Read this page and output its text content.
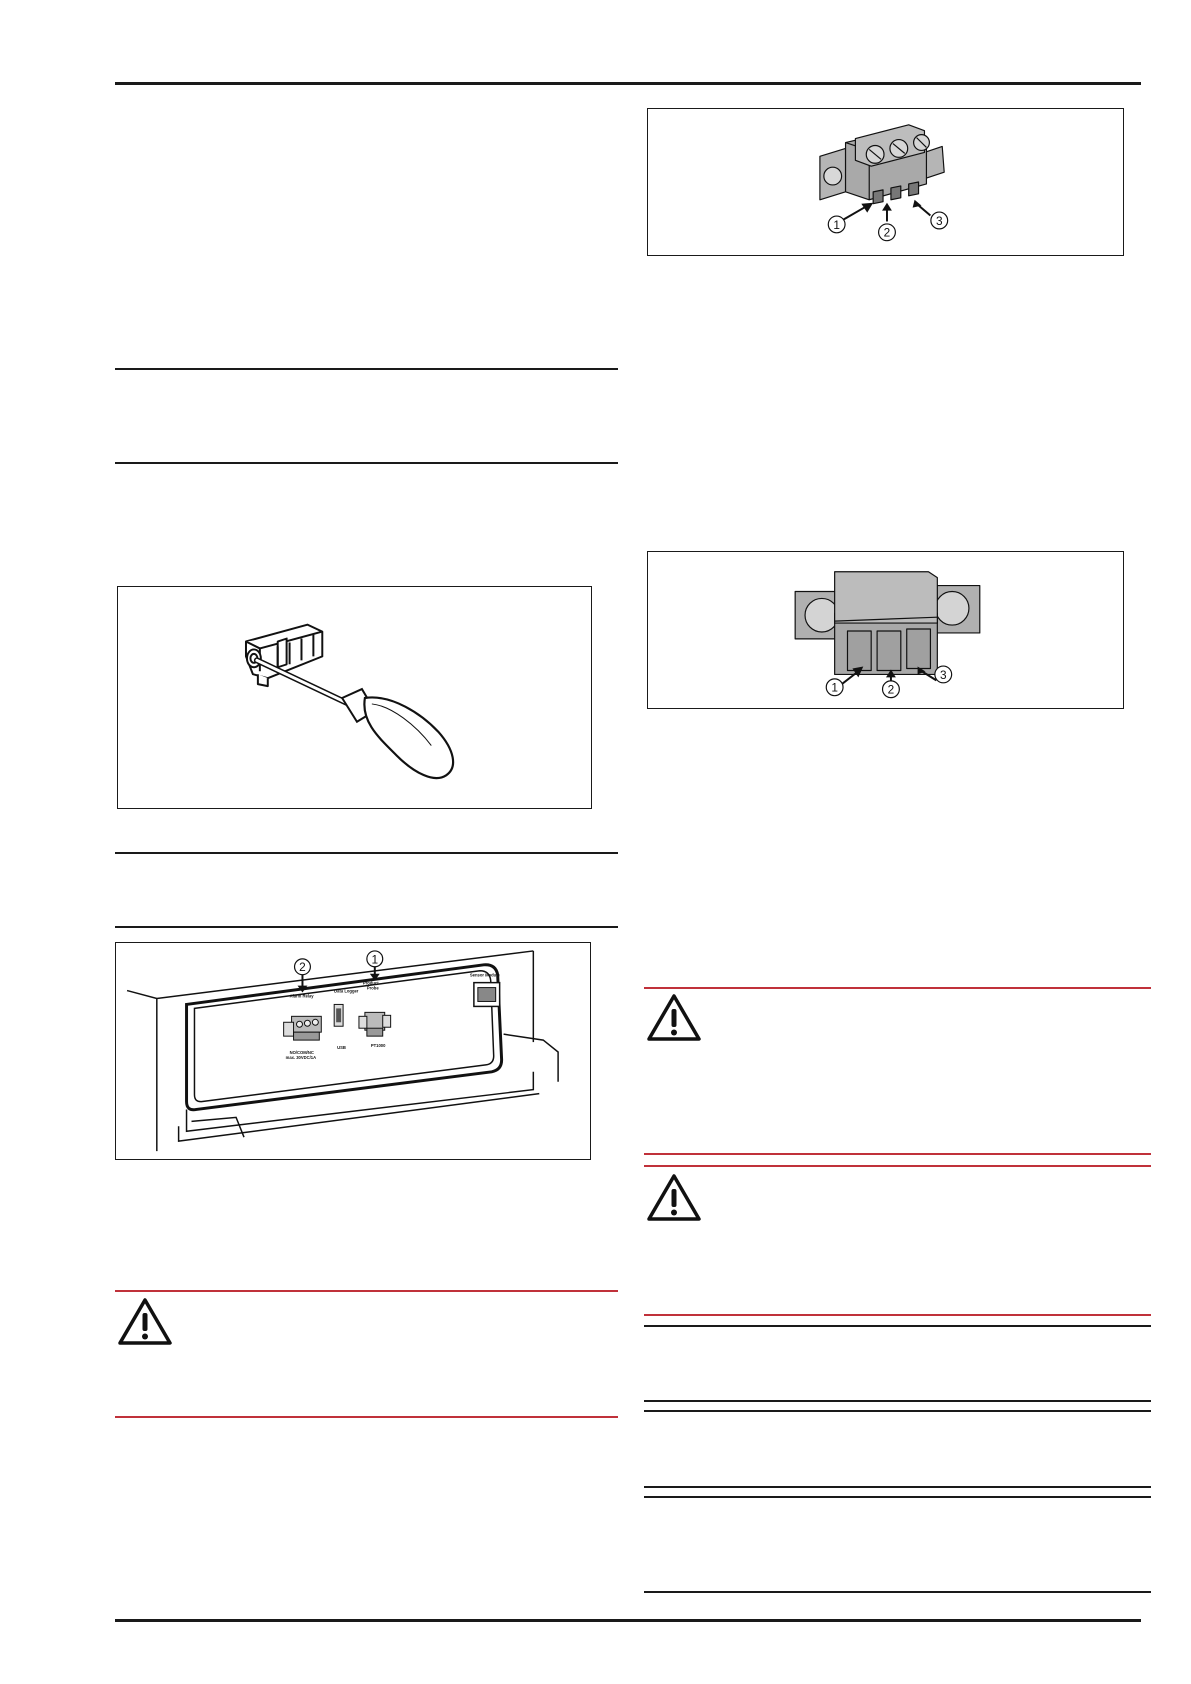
2
1
Alarm Relay
Data Logger
Product
Probe
Sensor Module
NO/COM/NC
max. 30VDC/1A
USB	PT1000
1
2
3
1	2
3
